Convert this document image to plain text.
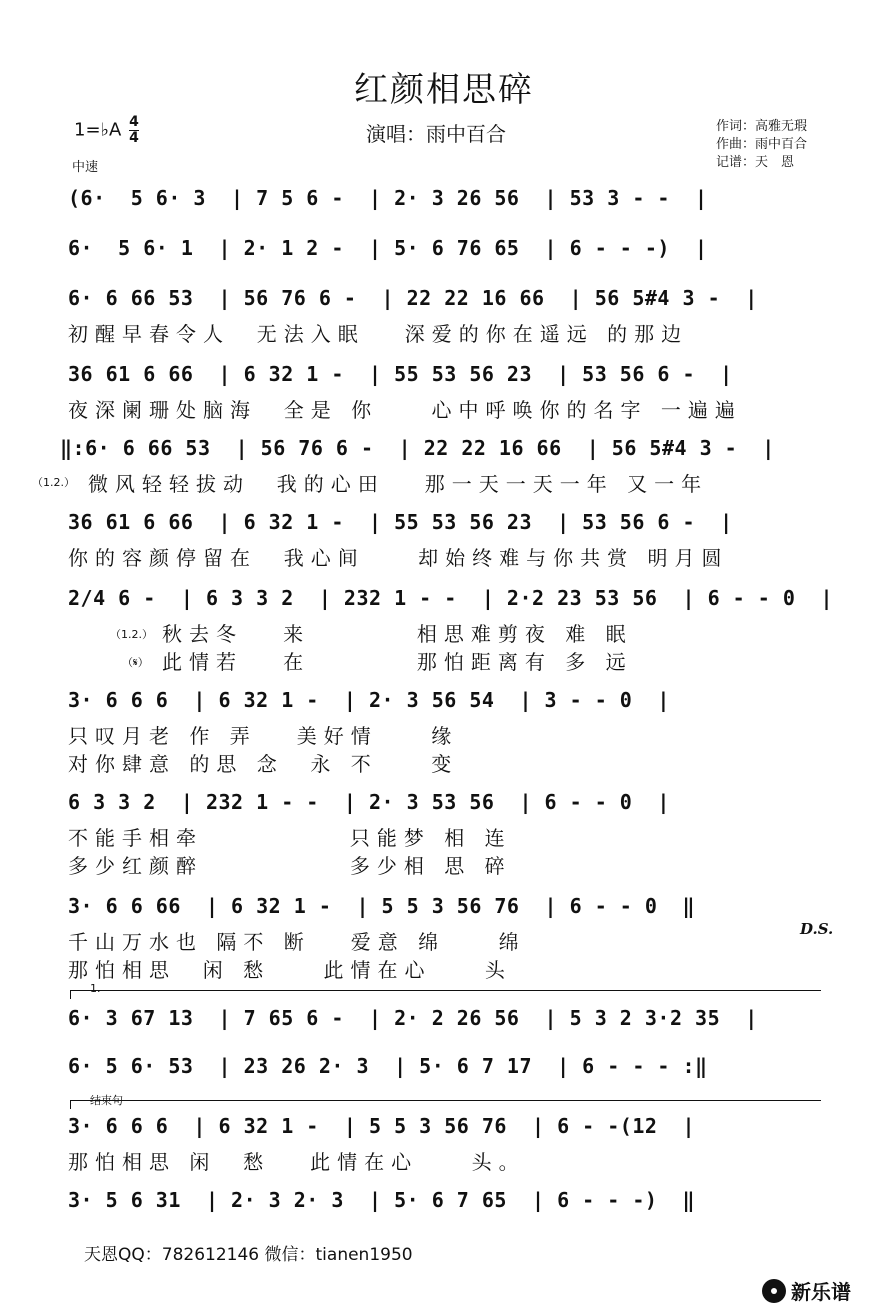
红颜相思碎
1=♭A $\frac{4}{4}$
中速
演唱：雨中百合	作词：高雅无瑕
作曲：雨中百合
记谱：天　恩
(6·  5 6· 3  | 7 5 6 -  | 2· 3 26 56  | 53 3 - -  |
6·  5 6· 1  | 2· 1 2 -  | 5· 6 76 65  | 6 - - -)  |
6· 6 66 53  | 56 76 6 -  | 22 22 16 66  | 56 5#4 3 -  |
初醒早春令人  无法入眠   深爱的你在遥远 的那边
36 61 6 66  | 6 32 1 -  | 55 53 56 23  | 53 56 6 -  |
夜深阑珊处脑海  全是 你    心中呼唤你的名字 一遍遍
‖:6· 6 66 53  | 56 76 6 -  | 22 22 16 66  | 56 5#4 3 -  |
（1.2.） 微风轻轻拔动  我的心田   那一天一天一年 又一年
36 61 6 66  | 6 32 1 -  | 55 53 56 23  | 53 56 6 -  |
你的容颜停留在  我心间    却始终难与你共赏 明月圆
2/4 6 -  | 6 3 3 2  | 232 1 - -  | 2·2 23 53 56  | 6 - - 0  |
（1.2.） 秋去冬   来        相思难剪夜 难 眠
（𝄋） 此情若   在        那怕距离有 多 远
3· 6 6 6  | 6 32 1 -  | 2· 3 56 54  | 3 - - 0  |
只叹月老 作 弄   美好情    缘
对你肆意 的思 念  永 不    变
6 3 3 2  | 232 1 - -  | 2· 3 53 56  | 6 - - 0  |
不能手相牵           只能梦 相 连
多少红颜醉           多少相 思 碎
3· 6 6 66  | 6 32 1 -  | 5 5 3 56 76  | 6 - - 0  ‖
千山万水也 隔不 断   爱意 绵    绵
那怕相思  闲 愁    此情在心    头
D.S.
1.
6· 3 67 13  | 7 65 6 -  | 2· 2 26 56  | 5 3 2 3·2 35  |
6· 5 6· 53  | 23 26 2· 3  | 5· 6 7 17  | 6 - - - :‖
结束句
3· 6 6 6  | 6 32 1 -  | 5 5 3 56 76  | 6 - -(12  |
那怕相思 闲  愁   此情在心    头。
3· 5 6 31  | 2· 3 2· 3  | 5· 6 7 65  | 6 - - -)  ‖
天恩QQ：782612146 微信：tianen1950
新乐谱
